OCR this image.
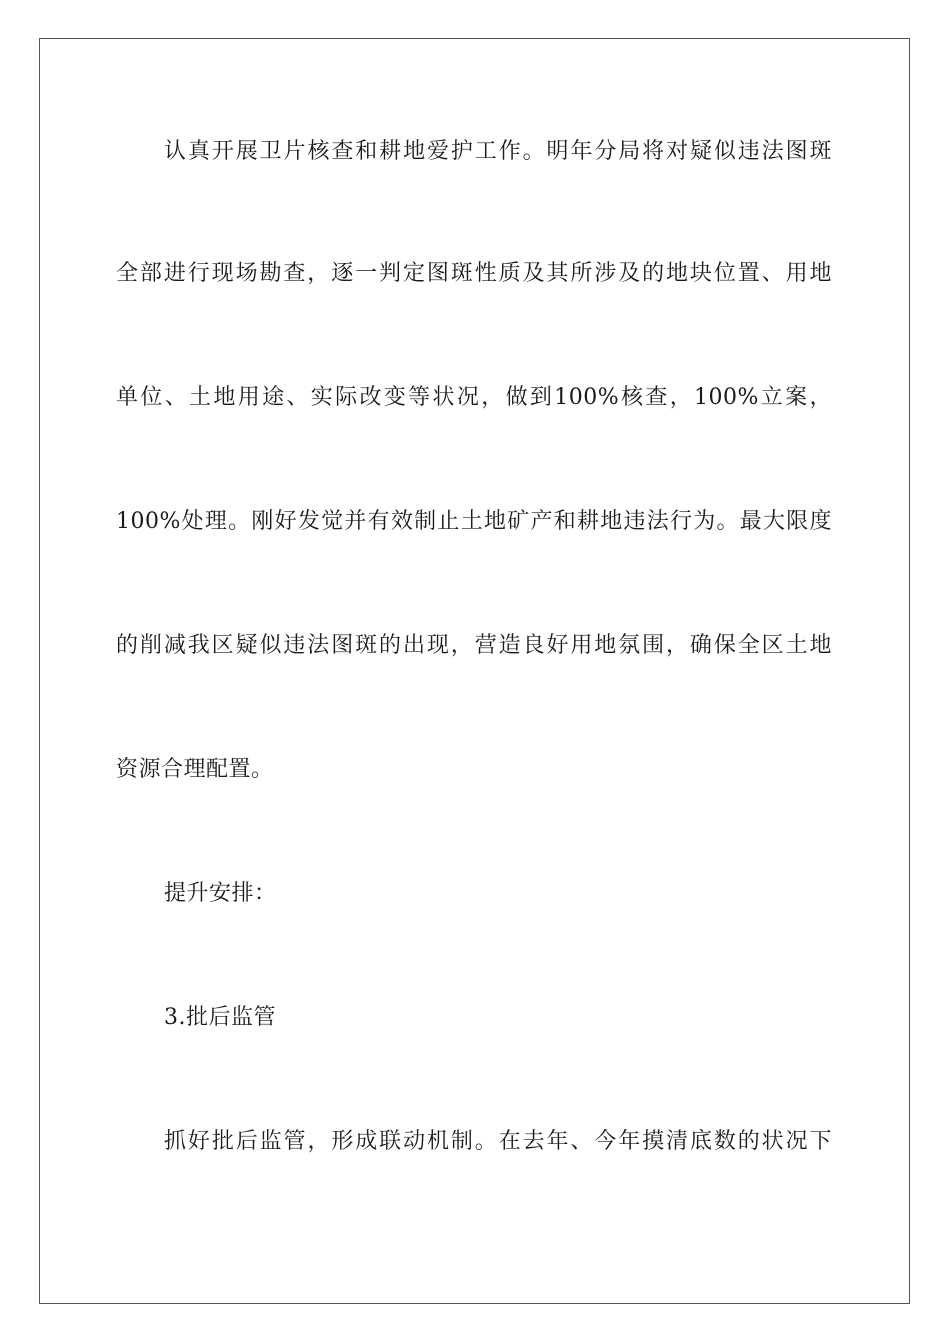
认真开展卫片核查和耕地爱护工作。明年分局将对疑似违法图斑
全部进行现场勘查，逐一判定图斑性质及其所涉及的地块位置、用地
单位、土地用途、实际改变等状况，做到100%核查，100%立案，
100%处理。刚好发觉并有效制止土地矿产和耕地违法行为。最大限度
的削减我区疑似违法图斑的出现，营造良好用地氛围，确保全区土地
资源合理配置。
提升安排：
3.批后监管
抓好批后监管，形成联动机制。在去年、今年摸清底数的状况下
